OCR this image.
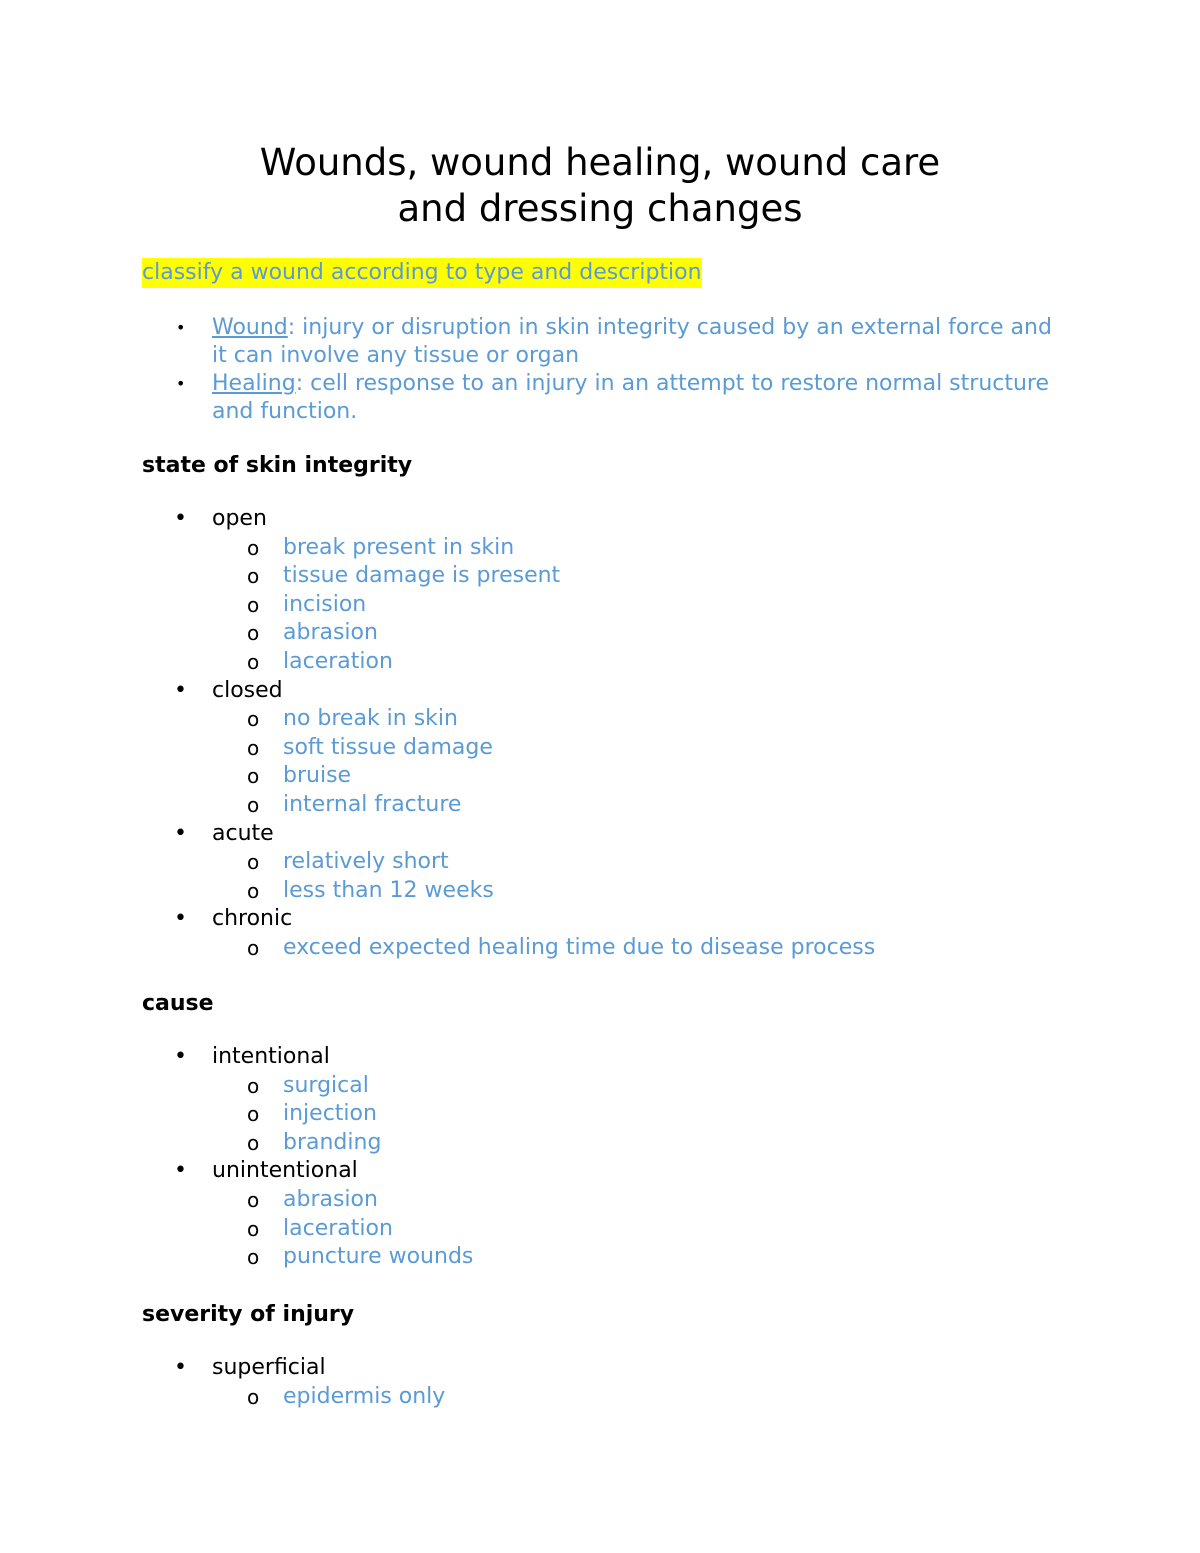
Wounds, wound healing, wound care
and dressing changes

classify a wound according to type and description

• Wound: injury or disruption in skin integrity caused by an external force and it can involve any tissue or organ
• Healing: cell response to an injury in an attempt to restore normal structure and function.
state of skin integrity
• open
o break present in skin
o tissue damage is present
o incision
o abrasion
o laceration
• closed
o no break in skin
o soft tissue damage
o bruise
o internal fracture
• acute
o relatively short
o less than 12 weeks
• chronic
o exceed expected healing time due to disease process
cause
• intentional
o surgical
o injection
o branding
• unintentional
o abrasion
o laceration
o puncture wounds
severity of injury
• superficial
o epidermis only
